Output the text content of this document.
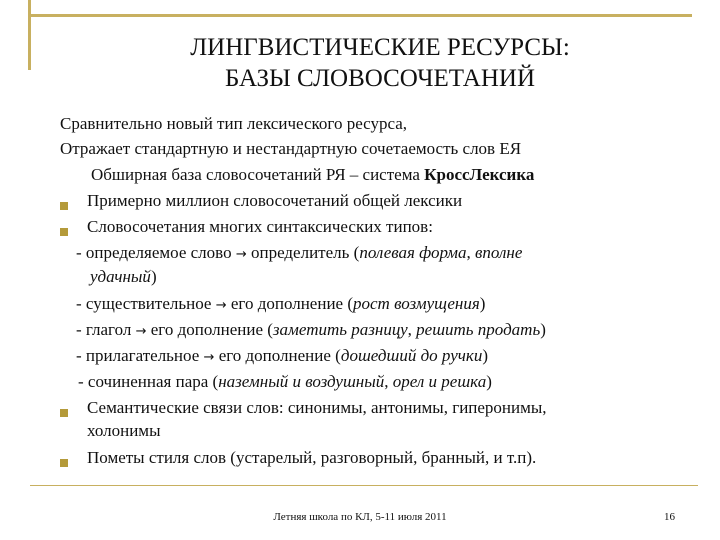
ЛИНГВИСТИЧЕСКИЕ РЕСУРСЫ:
БАЗЫ СЛОВОСОЧЕТАНИЙ
Сравнительно новый тип лексического ресурса,
Отражает стандартную и нестандартную сочетаемость слов ЕЯ
Обширная база словосочетаний РЯ – система КроссЛексика
Примерно миллион словосочетаний общей лексики
Словосочетания многих синтаксических типов:
- определяемое слово → определитель (полевая форма, вполне
удачный)
- существительное → его дополнение (рост возмущения)
- глагол → его дополнение (заметить разницу, решить продать)
- прилагательное → его дополнение (дошедший до ручки)
- сочиненная пара (наземный и воздушный, орел и решка)
Семантические связи слов: синонимы, антонимы, гиперонимы,
холонимы
Пометы стиля слов (устарелый, разговорный, бранный, и т.п).
Летняя школа по КЛ, 5-11 июля 2011	16
